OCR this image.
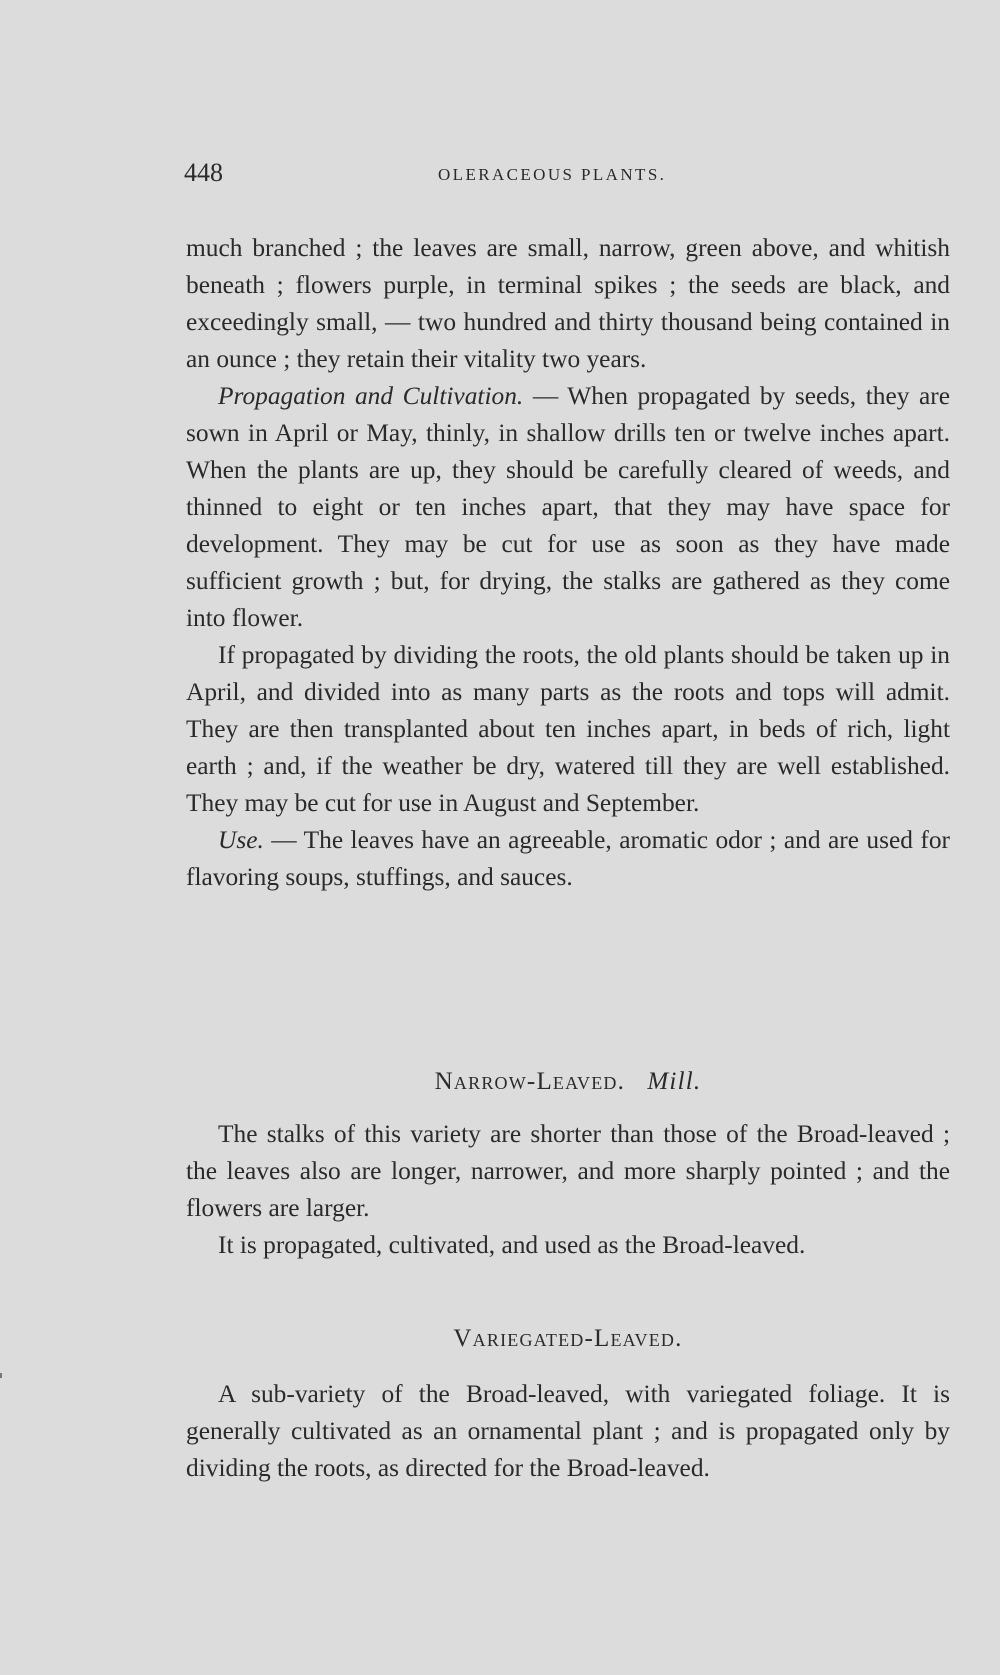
448	OLERACEOUS PLANTS.

much branched ; the leaves are small, narrow, green above, and whitish beneath ; flowers purple, in terminal spikes ; the seeds are black, and exceedingly small, — two hundred and thirty thousand being contained in an ounce ; they retain their vitality two years.

Propagation and Cultivation. — When propagated by seeds, they are sown in April or May, thinly, in shallow drills ten or twelve inches apart. When the plants are up, they should be carefully cleared of weeds, and thinned to eight or ten inches apart, that they may have space for development. They may be cut for use as soon as they have made sufficient growth ; but, for drying, the stalks are gathered as they come into flower.

If propagated by dividing the roots, the old plants should be taken up in April, and divided into as many parts as the roots and tops will admit. They are then transplanted about ten inches apart, in beds of rich, light earth ; and, if the weather be dry, watered till they are well established. They may be cut for use in August and September.

Use. — The leaves have an agreeable, aromatic odor ; and are used for flavoring soups, stuffings, and sauces.

Narrow-Leaved. Mill.

The stalks of this variety are shorter than those of the Broad-leaved ; the leaves also are longer, narrower, and more sharply pointed ; and the flowers are larger.

It is propagated, cultivated, and used as the Broad-leaved.

Variegated-Leaved.

A sub-variety of the Broad-leaved, with variegated foliage. It is generally cultivated as an ornamental plant ; and is propagated only by dividing the roots, as directed for the Broad-leaved.
